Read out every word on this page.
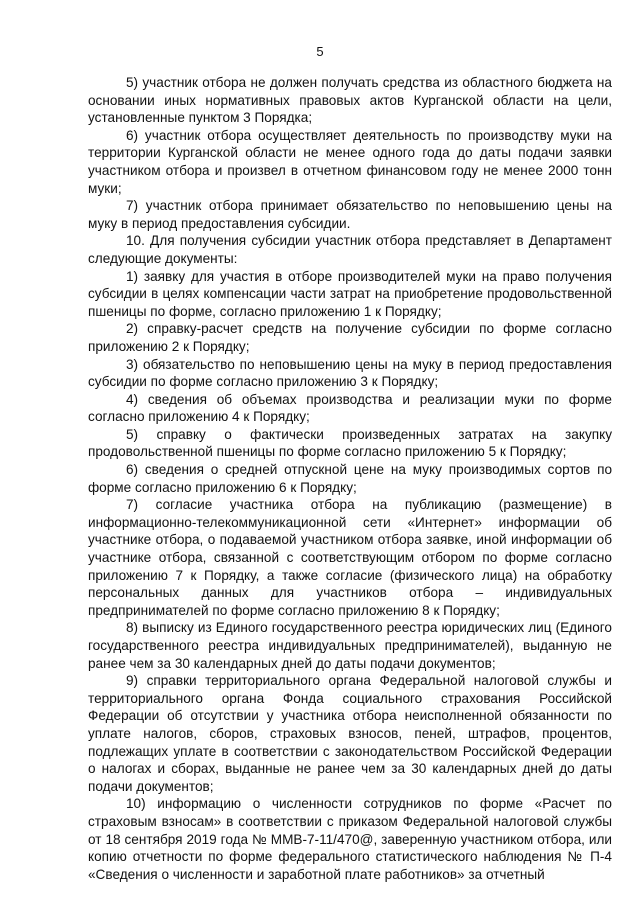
5

5) участник отбора не должен получать средства из областного бюджета на основании иных нормативных правовых актов Курганской области на цели, установленные пунктом 3 Порядка;

6) участник отбора осуществляет деятельность по производству муки на территории Курганской области не менее одного года до даты подачи заявки участником отбора и произвел в отчетном финансовом году не менее 2000 тонн муки;

7) участник отбора принимает обязательство по неповышению цены на муку в период предоставления субсидии.

10. Для получения субсидии участник отбора представляет в Департамент следующие документы:

1) заявку для участия в отборе производителей муки на право получения субсидии в целях компенсации части затрат на приобретение продовольственной пшеницы по форме, согласно приложению 1 к Порядку;

2) справку-расчет средств на получение субсидии по форме согласно приложению 2 к Порядку;

3) обязательство по неповышению цены на муку в период предоставления субсидии по форме согласно приложению 3 к Порядку;

4) сведения об объемах производства и реализации муки по форме согласно приложению 4 к Порядку;

5) справку о фактически произведенных затратах на закупку продовольственной пшеницы по форме согласно приложению 5 к Порядку;

6) сведения о средней отпускной цене на муку производимых сортов по форме согласно приложению 6 к Порядку;

7) согласие участника отбора на публикацию (размещение) в информационно-телекоммуникационной сети «Интернет» информации об участнике отбора, о подаваемой участником отбора заявке, иной информации об участнике отбора, связанной с соответствующим отбором по форме согласно приложению 7 к Порядку, а также согласие (физического лица) на обработку персональных данных для участников отбора – индивидуальных предпринимателей по форме согласно приложению 8 к Порядку;

8) выписку из Единого государственного реестра юридических лиц (Единого государственного реестра индивидуальных предпринимателей), выданную не ранее чем за 30 календарных дней до даты подачи документов;

9) справки территориального органа Федеральной налоговой службы и территориального органа Фонда социального страхования Российской Федерации об отсутствии у участника отбора неисполненной обязанности по уплате налогов, сборов, страховых взносов, пеней, штрафов, процентов, подлежащих уплате в соответствии с законодательством Российской Федерации о налогах и сборах, выданные не ранее чем за 30 календарных дней до даты подачи документов;

10) информацию о численности сотрудников по форме «Расчет по страховым взносам» в соответствии с приказом Федеральной налоговой службы от 18 сентября 2019 года № ММВ-7-11/470@, заверенную участником отбора, или копию отчетности по форме федерального статистического наблюдения № П-4 «Сведения о численности и заработной плате работников» за отчетный
